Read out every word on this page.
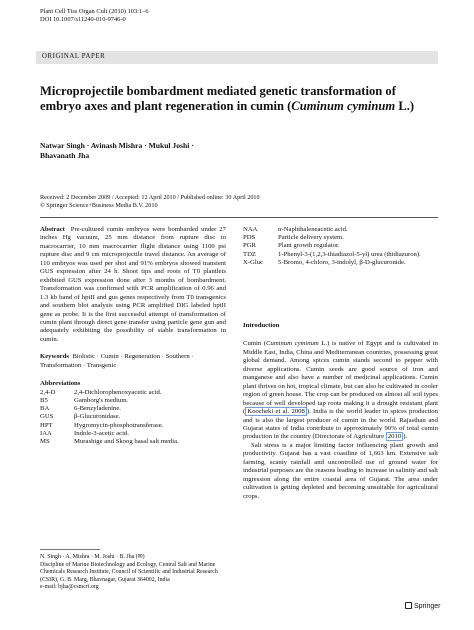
Plant Cell Tiss Organ Cult (2010) 103:1–6
DOI 10.1007/s11240-010-9746-0
ORIGINAL PAPER
Microprojectile bombardment mediated genetic transformation of embryo axes and plant regeneration in cumin (Cuminum cyminum L.)
Natwar Singh · Avinash Mishra · Mukul Joshi ·
Bhavanath Jha
Received: 2 December 2009 / Accepted: 12 April 2010 / Published online: 30 April 2010
© Springer Science+Business Media B.V. 2010

Abstract Pre-cultured cumin embryos were bombarded under 27 inches Hg vacuum, 25 mm distance from rupture disc to macrocarrier, 10 mm macrocarrier flight distance using 1100 psi rupture disc and 9 cm microprojectile travel distance. An average of 110 embryos was used per shot and 91% embryos showed transient GUS expression after 24 h. Shoot tips and roots of T0 plantlets exhibited GUS expression done after 3 months of bombardment. Transformation was confirmed with PCR amplification of 0.96 and 1.3 kb band of hptII and gus genes respectively from T0 transgenics and southern blot analysis using PCR amplified DIG labeled hptII gene as probe. It is the first successful attempt of transformation of cumin plant through direct gene transfer using particle gene gun and adequately exhibiting the possibility of stable transformation in cumin.

Keywords Biolistic · Cumin · Regeneration · Southern · Transformation · Transgenic

Abbreviations
2,4-D	2,4-Dichlorophenoxyacetic acid.
B5	Gamborg's medium.
BA	6-Benzyladenine.
GUS	β-Glucuronidase.
HPT	Hygromycin-phosphotransferase.
IAA	Indole-3-acetic acid.
MS	Murashige and Skoog basal salt media.
N. Singh · A. Mishra · M. Joshi · B. Jha (✉)
Discipline of Marine Biotechnology and Ecology, Central Salt and Marine Chemicals Research Institute, Council of Scientific and Industrial Research (CSIR), G. B. Marg, Bhavnagar, Gujarat 364002, India
e-mail: bjha@csmcri.org
NAA	α-Naphthaleneacetic acid.
PDS	Particle delivery system.
PGR	Plant growth regulator.
TDZ	1-Phenyl-3-(1,2,3-thiadiazol-5-yl) urea (thidiazuron).
X-Gluc	5-Bromo, 4-chloro, 3-indolyl, β-D-glucuronide.
Introduction

Cumin (Cuminum cyminum L.) is native of Egypt and is cultivated in Middle East, India, China and Mediterranean countries, possessing great global demand. Among spices cumin stands second to pepper with diverse applications. Cumin seeds are good source of iron and manganese and also have a number of medicinal applications. Cumin plant thrives on hot, tropical climate, but can also be cultivated in cooler region of green house. The crop can be produced on almost all soil types because of well developed tap roots making it a drought resistant plant ( Koocheki et al. 2008 ). India is the world leader in spices production and is also the largest producer of cumin in the world. Rajasthan and Gujarat states of India contribute to approximately 90% of total cumin production in the country (Directorate of Agriculture 2010 ).

Salt stress is a major limiting factor influencing plant growth and productivity. Gujarat has a vast coastline of 1,663 km. Extensive salt farming, scanty rainfall and uncontrolled use of ground water for industrial purposes are the reasons leading to increase in salinity and salt ingression along the entire coastal area of Gujarat. The area under cultivation is getting depleted and becoming unsuitable for agricultural crops.

Springer
